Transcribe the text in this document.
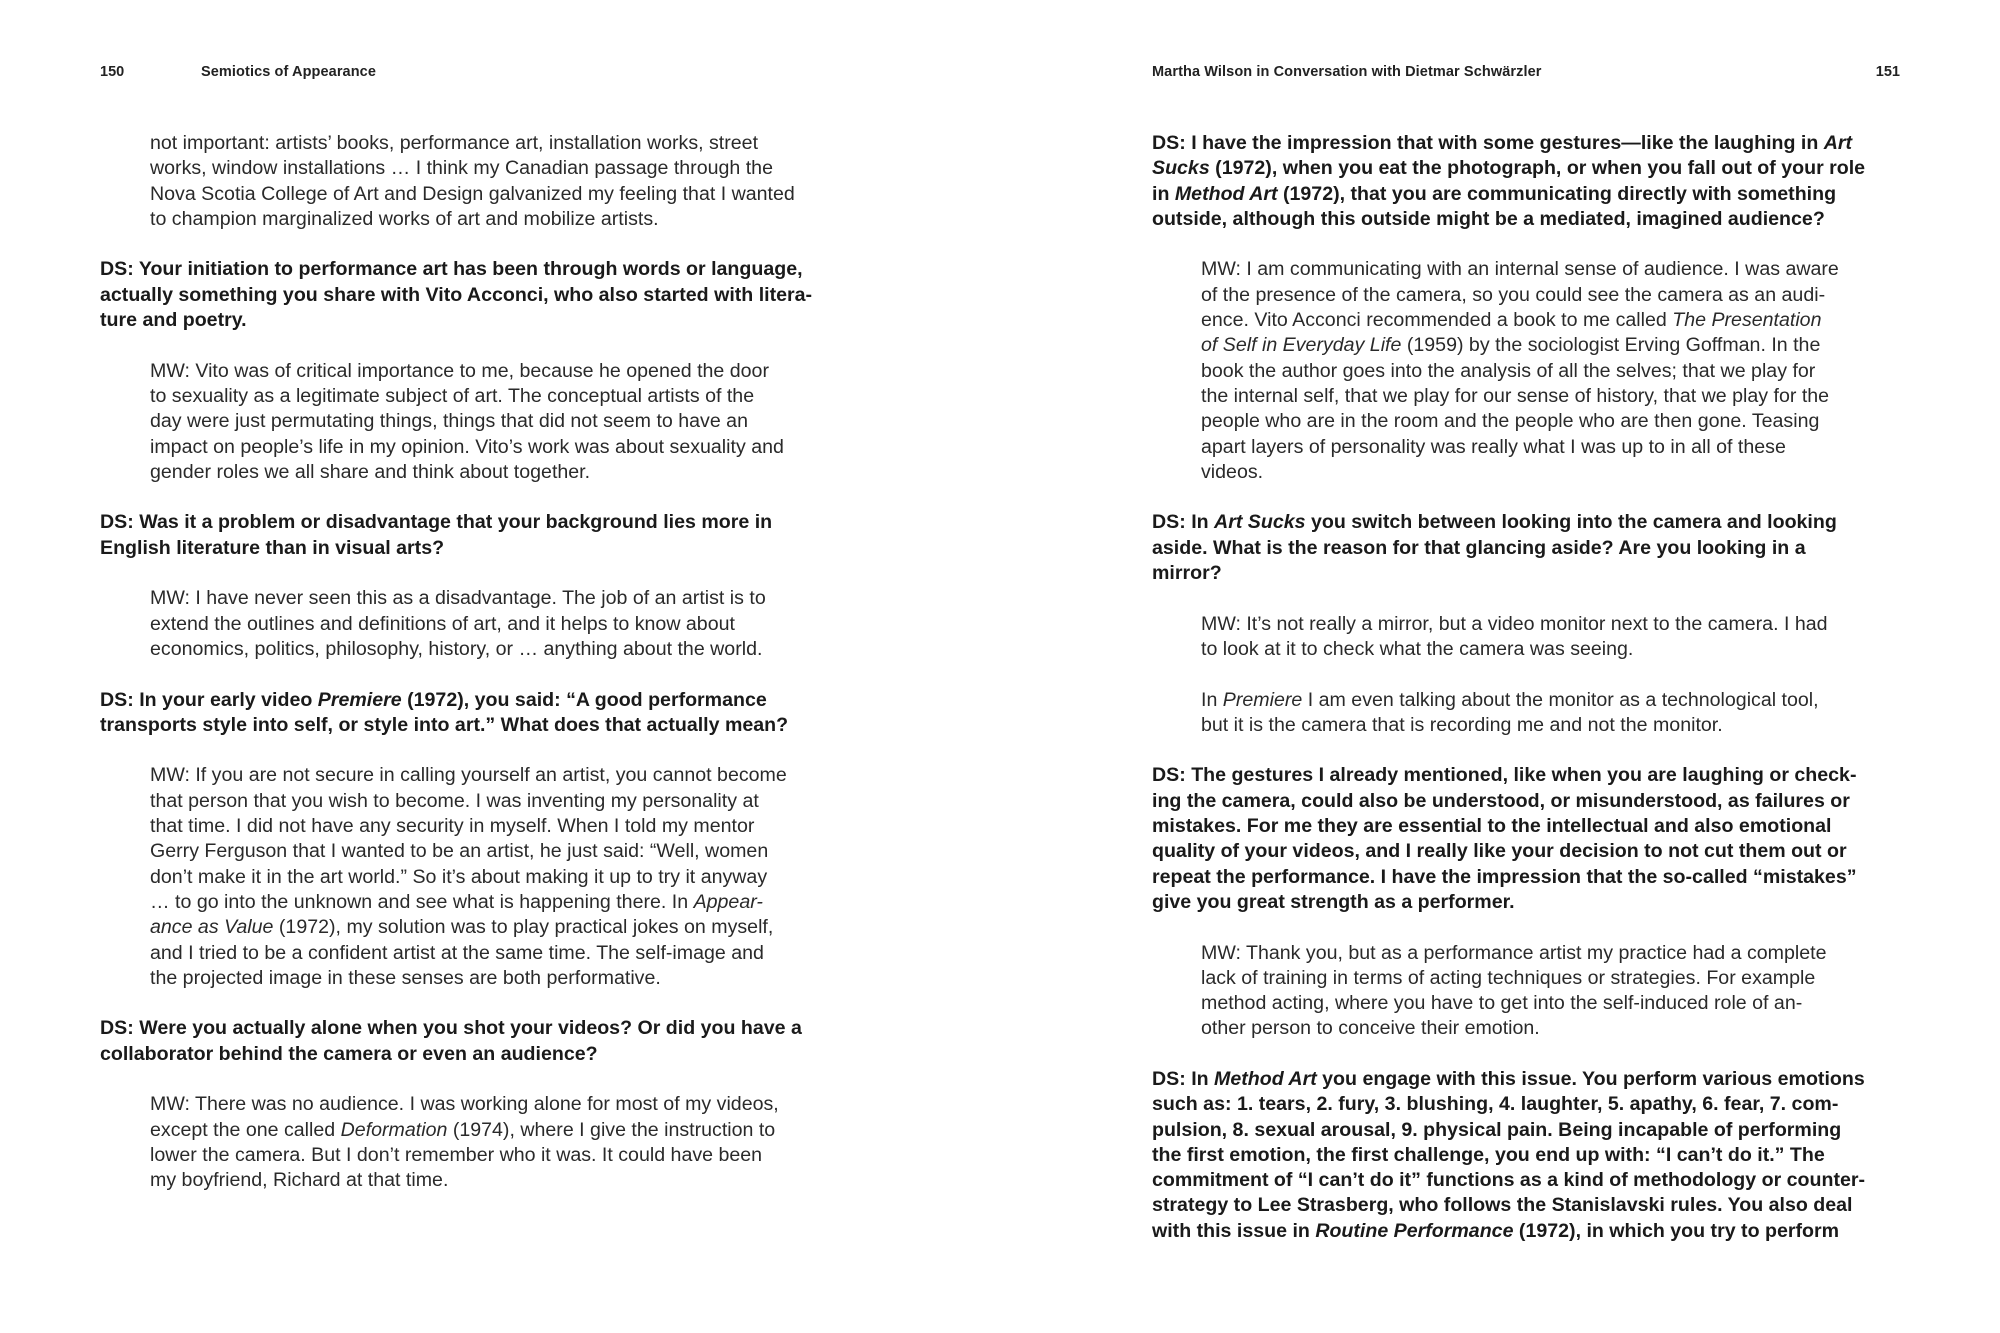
150	Semiotics of Appearance

not important: artists’ books, performance art, installation works, street
works, window installations … I think my Canadian passage through the
Nova Scotia College of Art and Design galvanized my feeling that I wanted
to champion marginalized works of art and mobilize artists.

DS: Your initiation to performance art has been through words or language,
actually something you share with Vito Acconci, who also started with litera-
ture and poetry.

MW: Vito was of critical importance to me, because he opened the door
to sexuality as a legitimate subject of art. The conceptual artists of the
day were just permutating things, things that did not seem to have an
impact on people’s life in my opinion. Vito’s work was about sexuality and
gender roles we all share and think about together.

DS: Was it a problem or disadvantage that your background lies more in
English literature than in visual arts?

MW: I have never seen this as a disadvantage. The job of an artist is to
extend the outlines and definitions of art, and it helps to know about
economics, politics, philosophy, history, or … anything about the world.

DS: In your early video Premiere (1972), you said: “A good performance
transports style into self, or style into art.” What does that actually mean?

MW: If you are not secure in calling yourself an artist, you cannot become
that person that you wish to become. I was inventing my personality at
that time. I did not have any security in myself. When I told my mentor
Gerry Ferguson that I wanted to be an artist, he just said: “Well, women
don’t make it in the art world.” So it’s about making it up to try it anyway
… to go into the unknown and see what is happening there. In Appear-
ance as Value (1972), my solution was to play practical jokes on myself,
and I tried to be a confident artist at the same time. The self-image and
the projected image in these senses are both performative.

DS: Were you actually alone when you shot your videos? Or did you have a
collaborator behind the camera or even an audience?

MW: There was no audience. I was working alone for most of my videos,
except the one called Deformation (1974), where I give the instruction to
lower the camera. But I don’t remember who it was. It could have been
my boyfriend, Richard at that time.

Martha Wilson in Conversation with Dietmar Schwärzler	151

DS: I have the impression that with some gestures—like the laughing in Art
Sucks (1972), when you eat the photograph, or when you fall out of your role
in Method Art (1972), that you are communicating directly with something
outside, although this outside might be a mediated, imagined audience?

MW: I am communicating with an internal sense of audience. I was aware
of the presence of the camera, so you could see the camera as an audi-
ence. Vito Acconci recommended a book to me called The Presentation
of Self in Everyday Life (1959) by the sociologist Erving Goffman. In the
book the author goes into the analysis of all the selves; that we play for
the internal self, that we play for our sense of history, that we play for the
people who are in the room and the people who are then gone. Teasing
apart layers of personality was really what I was up to in all of these
videos.

DS: In Art Sucks you switch between looking into the camera and looking
aside. What is the reason for that glancing aside? Are you looking in a
mirror?

MW: It’s not really a mirror, but a video monitor next to the camera. I had
to look at it to check what the camera was seeing.

In Premiere I am even talking about the monitor as a technological tool,
but it is the camera that is recording me and not the monitor.

DS: The gestures I already mentioned, like when you are laughing or check-
ing the camera, could also be understood, or misunderstood, as failures or
mistakes. For me they are essential to the intellectual and also emotional
quality of your videos, and I really like your decision to not cut them out or
repeat the performance. I have the impression that the so-called “mistakes”
give you great strength as a performer.

MW: Thank you, but as a performance artist my practice had a complete
lack of training in terms of acting techniques or strategies. For example
method acting, where you have to get into the self-induced role of an-
other person to conceive their emotion.

DS: In Method Art you engage with this issue. You perform various emotions
such as: 1. tears, 2. fury, 3. blushing, 4. laughter, 5. apathy, 6. fear, 7. com-
pulsion, 8. sexual arousal, 9. physical pain. Being incapable of performing
the first emotion, the first challenge, you end up with: “I can’t do it.” The
commitment of “I can’t do it” functions as a kind of methodology or counter-
strategy to Lee Strasberg, who follows the Stanislavski rules. You also deal
with this issue in Routine Performance (1972), in which you try to perform
